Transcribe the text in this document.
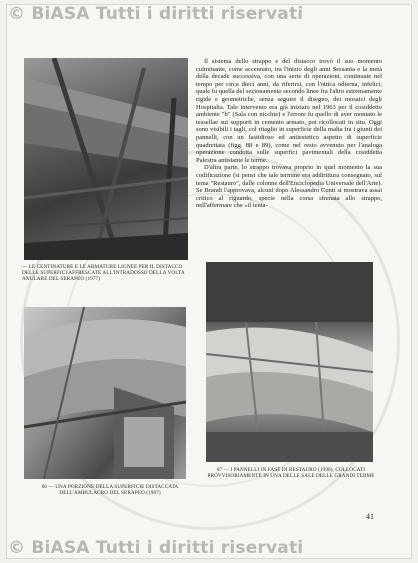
© BiASA Tutti i diritti riservati

Il sistema dello strappo e del distacco trovò il suo momento culminante, come accennato, tra l'inizio degli anni Sessanta e la metà della decade successiva, con una serie di operazioni, continuate nel tempo per circa dieci anni, da riferirsi, con l'ottica odierna, infelici, quale fu quella del sezionamento secondo linee fra l'altro estremamente rigide e geometriche, senza seguire il disegno, dei mosaici degli Hospitalia. Tale intervento era già iniziato nel 1963 per il cosiddetto ambiente "b" (Sala con nicchie) e l'errore fu quello di aver montato le tessellae sui supporti in cemento armato, poi ricollocati in situ. Oggi sono visibili i tagli, col ritaglio in superficie della malta fra i giunti dei pannelli, con un fastidioso ed antiestetico aspetto di superficie quadrettata (figg. 88 e 89), come nel resto avvenuto per l'analoga operazione condotta sulle superfici pavimentali della cosiddetta Palestra antistante le terme.

D'altra parte, lo strappo trovava proprio in quel momento la sua codificazione (si pensi che tale termine era addirittura consegnato, sul tema "Restauro", dalle colonne dell'Enciclopedia Universale dell'Arte). Se Brandi l'approvava, alcuni dopo Alessandro Conti si mostrava assai critico al riguardo, specie nella corsa sfrenata allo strappo, nell'affermare che «il tenta-

— LE CENTINATURE E LE ARMATURE LIGNEE PER IL DISTACCO DELLE SUPERFICI AFFRESCATE ALL'INTRADOSSO DELLA VOLTA ANULARE DEL SERAPEO (1977)
86 — UNA PORZIONE DELLA SUPERFICIE DISTACCATA DELL'AMBULACRO DEL SERAPEO (1987)
87 — I PANNELLI IN FASE DI RESTAURO (1990), COLLOCATI PROVVISORIAMENTE IN UNA DELLE SALE DELLE GRANDI TERME
41
© BiASA Tutti i diritti riservati
